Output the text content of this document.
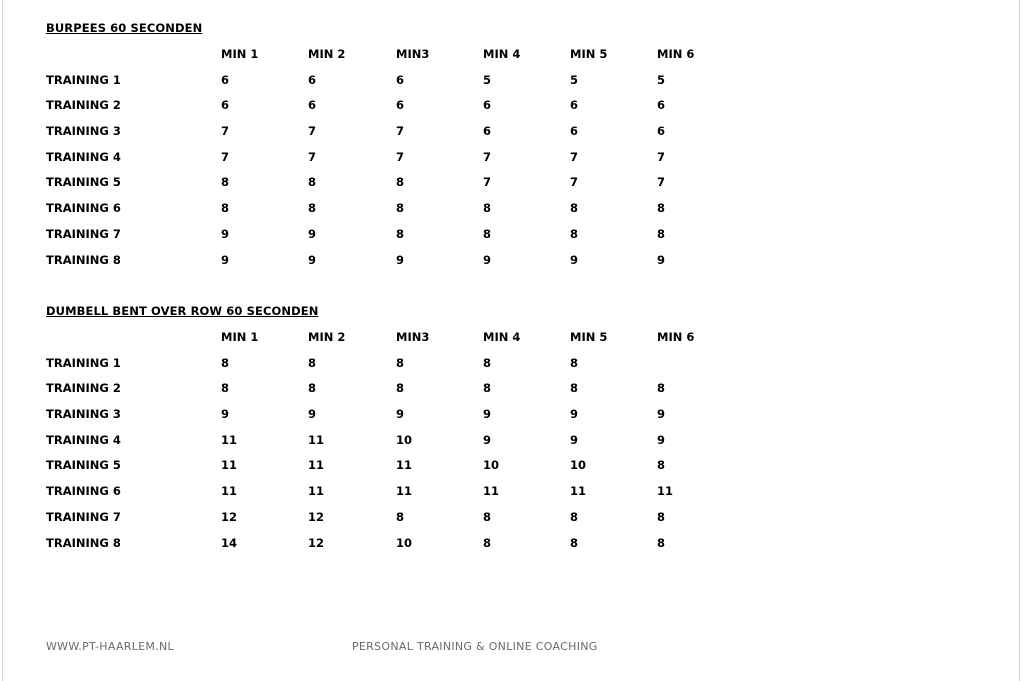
BURPEES 60 SECONDEN
MIN 1	MIN 2	MIN3	MIN 4	MIN 5	MIN 6
TRAINING 1	6	6	6	5	5	5
TRAINING 2	6	6	6	6	6	6
TRAINING 3	7	7	7	6	6	6
TRAINING 4	7	7	7	7	7	7
TRAINING 5	8	8	8	7	7	7
TRAINING 6	8	8	8	8	8	8
TRAINING 7	9	9	8	8	8	8
TRAINING 8	9	9	9	9	9	9
DUMBELL BENT OVER ROW 60 SECONDEN
MIN 1	MIN 2	MIN3	MIN 4	MIN 5	MIN 6
TRAINING 1	8	8	8	8	8
TRAINING 2	8	8	8	8	8	8
TRAINING 3	9	9	9	9	9	9
TRAINING 4	11	11	10	9	9	9
TRAINING 5	11	11	11	10	10	8
TRAINING 6	11	11	11	11	11	11
TRAINING 7	12	12	8	8	8	8
TRAINING 8	14	12	10	8	8	8
WWW.PT-HAARLEM.NL	PERSONAL TRAINING & ONLINE COACHING
